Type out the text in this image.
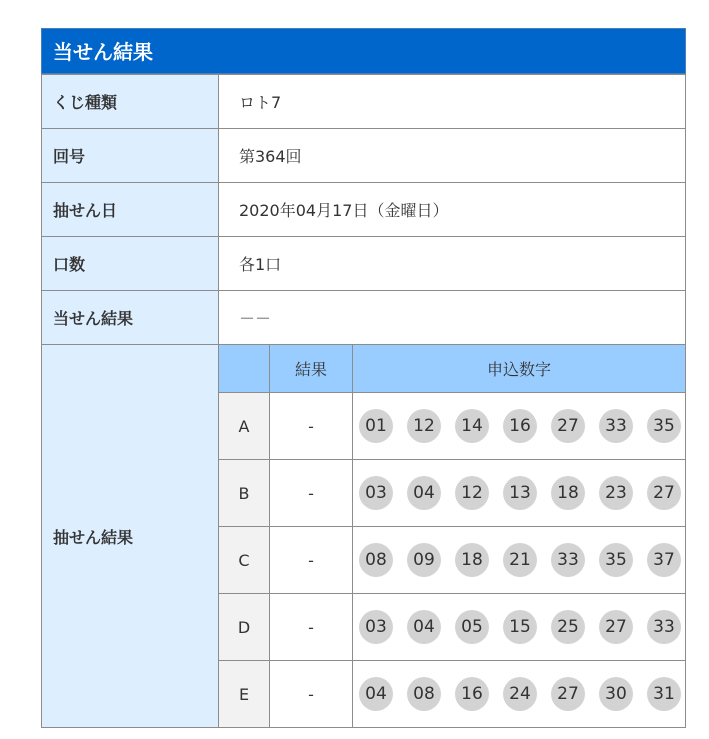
当せん結果
くじ種類	ロト7
回号	第364回
抽せん日	2020年04月17日（金曜日）
口数	各1口
当せん結果	－－
抽せん結果	
	結果	申込数字
A	-	01 12 14 16 27 33 35
B	-	03 04 12 13 18 23 27
C	-	08 09 18 21 33 35 37
D	-	03 04 05 15 25 27 33
E	-	04 08 16 24 27 30 31
